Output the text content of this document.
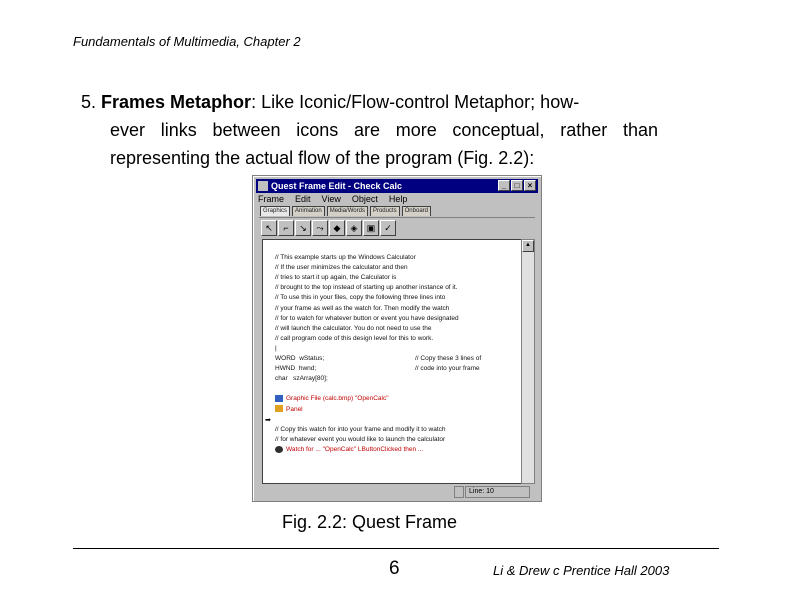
Fundamentals of Multimedia, Chapter 2
5. Frames Metaphor: Like Iconic/Flow-control Metaphor; how-
ever links between icons are more conceptual, rather than
representing the actual flow of the program (Fig. 2.2):
Quest Frame Edit - Check Calc	_	□	×
Frame Edit View Object Help
Graphics	Animation	Media/Words	Products	Onboard
↖	⌐	↘	⤳	◆	◈	▣ ✓

// This example starts up the Windows Calculator
// If the user minimizes the calculator and then
// tries to start it up again, the Calculator is
// brought to the top instead of starting up another instance of it.
// To use this in your files, copy the following three lines into
// your frame as well as the watch for. Then modify the watch
// for to watch for whatever button or event you have designated
// will launch the calculator. You do not need to use the
// call program code of this design level for this to work.
|
WORD wStatus;	// Copy these 3 lines of

HWND hwnd;	// code into your frame

char szArray[80];

Graphic File (calc.bmp) "OpenCalc"
Panel

// Copy this watch for into your frame and modify it to watch
// for whatever event you would like to launch the calculator
Watch for ... "OpenCalc" LButtonClicked then ...

➡
▲
Line: 10
Fig. 2.2: Quest Frame
6	Li & Drew c Prentice Hall 2003
